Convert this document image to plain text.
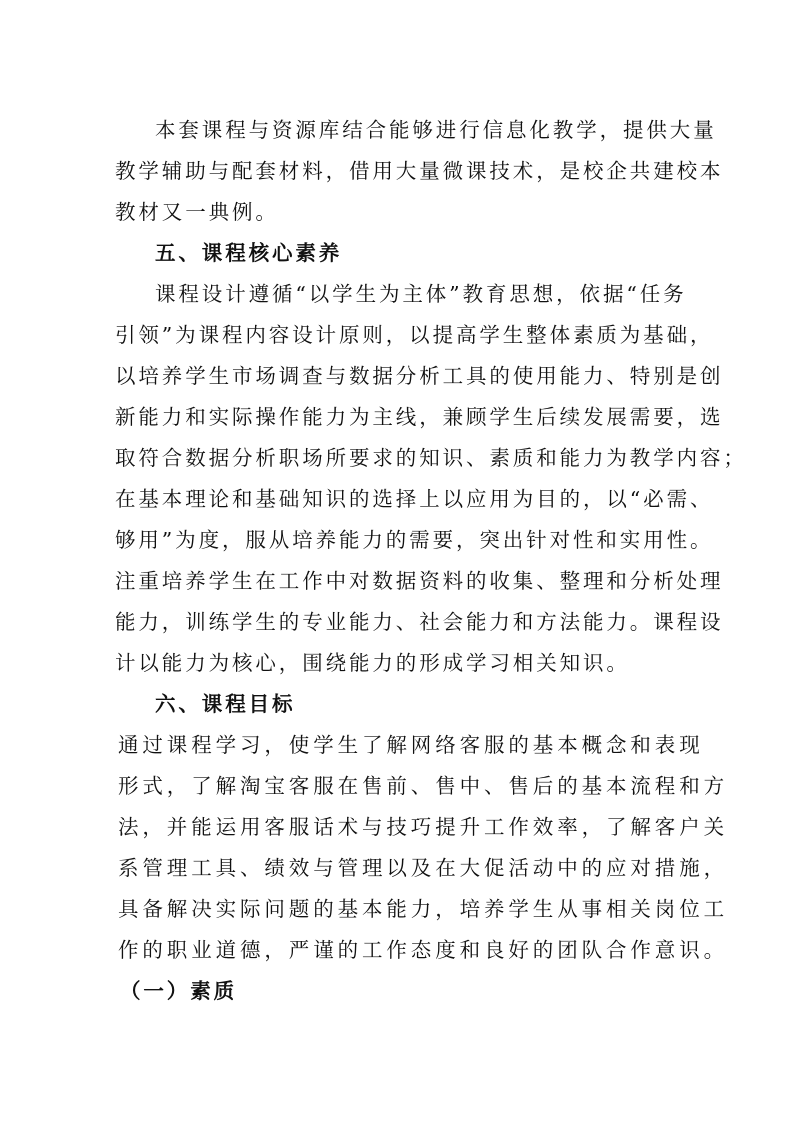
本套课程与资源库结合能够进行信息化教学，提供大量
教学辅助与配套材料，借用大量微课技术，是校企共建校本
教材又一典例。
五、课程核心素养
课程设计遵循“以学生为主体”教育思想，依据“任务
引领”为课程内容设计原则，以提高学生整体素质为基础，
以培养学生市场调查与数据分析工具的使用能力、特别是创
新能力和实际操作能力为主线，兼顾学生后续发展需要，选
取符合数据分析职场所要求的知识、素质和能力为教学内容；
在基本理论和基础知识的选择上以应用为目的，以“必需、
够用”为度，服从培养能力的需要，突出针对性和实用性。
注重培养学生在工作中对数据资料的收集、整理和分析处理
能力，训练学生的专业能力、社会能力和方法能力。课程设
计以能力为核心，围绕能力的形成学习相关知识。
六、课程目标
通过课程学习，使学生了解网络客服的基本概念和表现
形式，了解淘宝客服在售前、售中、售后的基本流程和方
法，并能运用客服话术与技巧提升工作效率，了解客户关
系管理工具、绩效与管理以及在大促活动中的应对措施，
具备解决实际问题的基本能力，培养学生从事相关岗位工
作的职业道德，严谨的工作态度和良好的团队合作意识。
（一）素质
